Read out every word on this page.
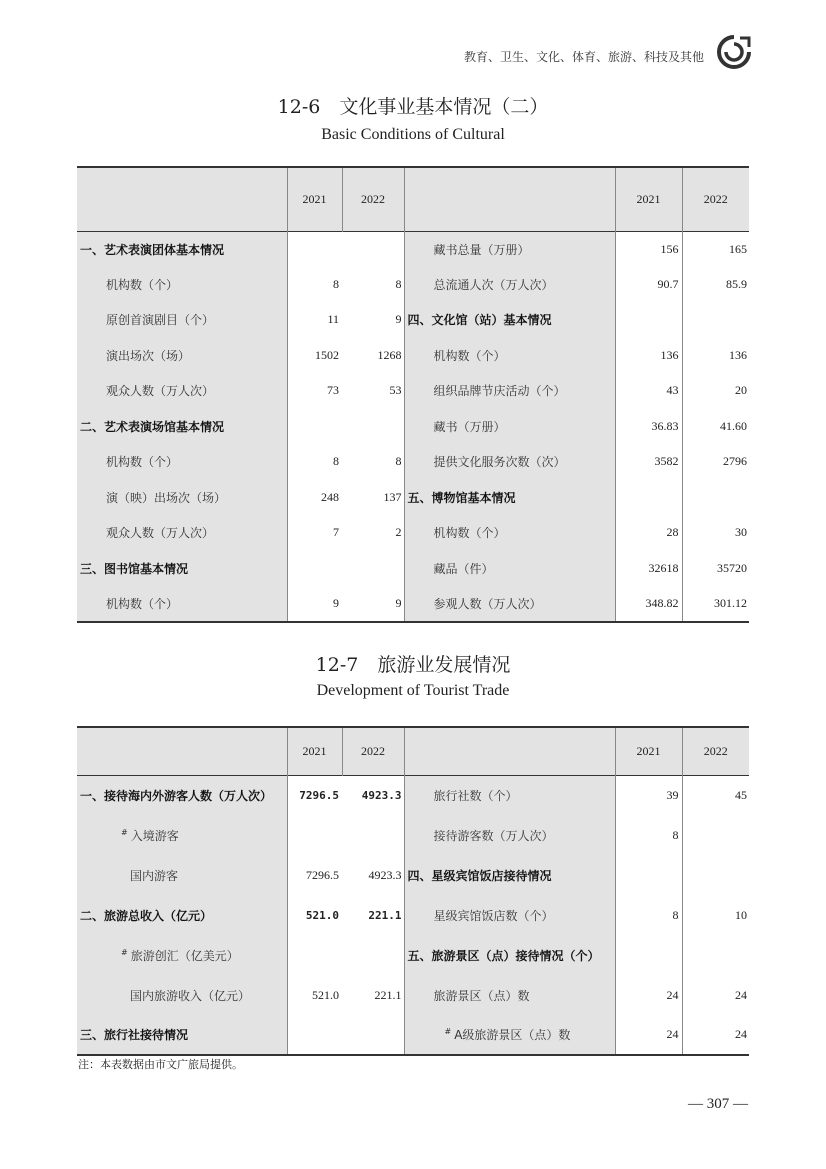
教育、卫生、文化、体育、旅游、科技及其他
12-6　文化事业基本情况（二）
Basic Conditions of Cultural
	2021	2022		2021	2022
一、艺术表演团体基本情况			藏书总量（万册）	156	165
机构数（个）	8	8	总流通人次（万人次）	90.7	85.9
原创首演剧目（个）	11	9	四、文化馆（站）基本情况		
演出场次（场）	1502	1268	机构数（个）	136	136
观众人数（万人次）	73	53	组织品牌节庆活动（个）	43	20
二、艺术表演场馆基本情况			藏书（万册）	36.83	41.60
机构数（个）	8	8	提供文化服务次数（次）	3582	2796
演（映）出场次（场）	248	137	五、博物馆基本情况		
观众人数（万人次）	7	2	机构数（个）	28	30
三、图书馆基本情况			藏品（件）	32618	35720
机构数（个）	9	9	参观人数（万人次）	348.82	301.12
12-7　旅游业发展情况
Development of Tourist Trade
	2021	2022		2021	2022
一、接待海内外游客人数（万人次）	7296.5	4923.3	旅行社数（个）	39	45
# 入境游客			接待游客数（万人次）	8	
国内游客	7296.5	4923.3	四、星级宾馆饭店接待情况		
二、旅游总收入（亿元）	521.0	221.1	星级宾馆饭店数（个）	8	10
# 旅游创汇（亿美元）			五、旅游景区（点）接待情况（个）		
国内旅游收入（亿元）	521.0	221.1	旅游景区（点）数	24	24
三、旅行社接待情况			# A级旅游景区（点）数	24	24
注：本表数据由市文广旅局提供。
— 307 —
